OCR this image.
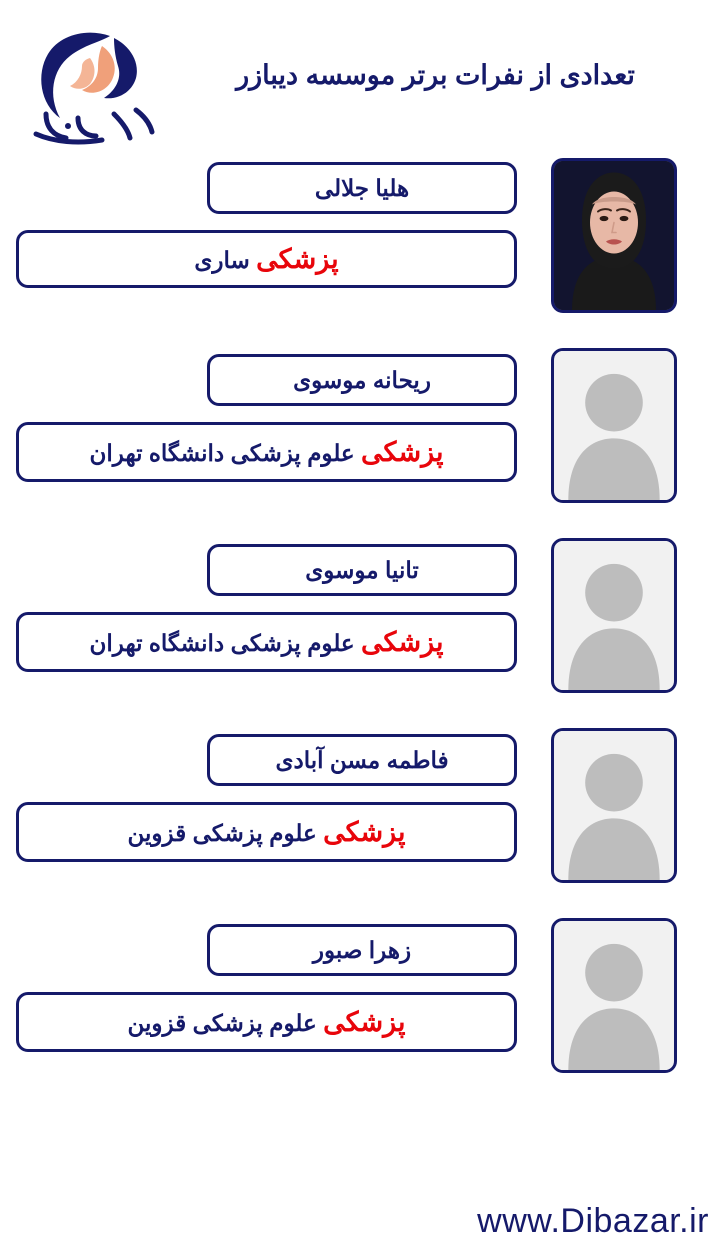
تعدادی از نفرات برتر موسسه دیبازر
هلیا جلالی
پزشکی ساری
ریحانه موسوی
پزشکی علوم پزشکی دانشگاه تهران
تانیا موسوی
پزشکی علوم پزشکی دانشگاه تهران
فاطمه مسن آبادی
پزشکی علوم پزشکی قزوین
زهرا صبور
پزشکی علوم پزشکی قزوین
www.Dibazar.ir
